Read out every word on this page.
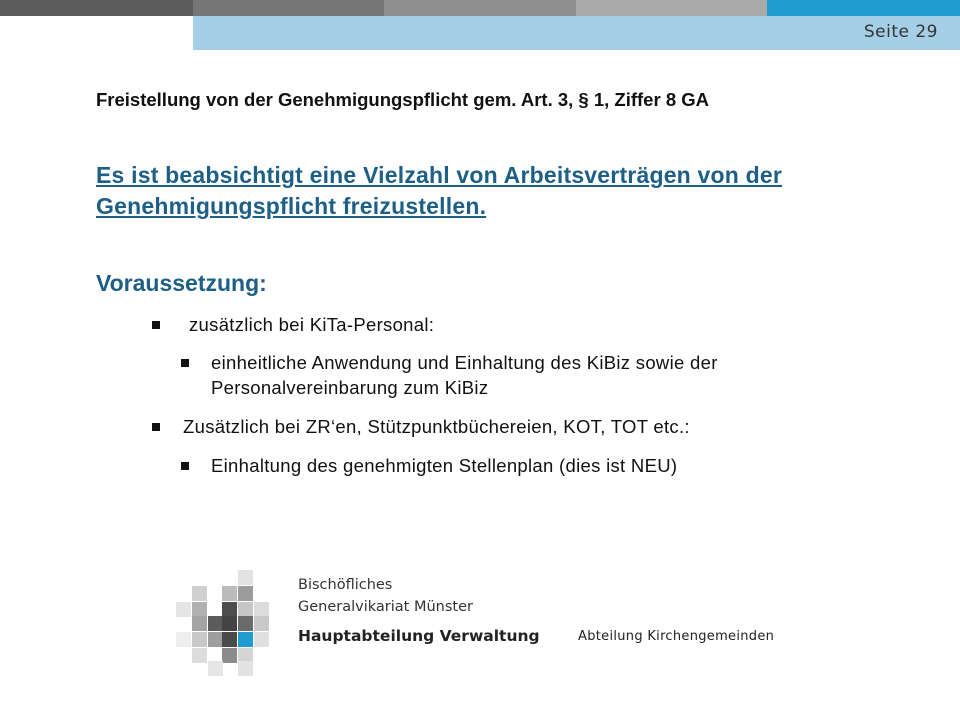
Seite 29
Freistellung von der Genehmigungspflicht gem. Art. 3, § 1, Ziffer 8 GA
Es ist beabsichtigt eine Vielzahl von Arbeitsverträgen von der Genehmigungspflicht freizustellen.
Voraussetzung:
zusätzlich bei KiTa-Personal:
einheitliche Anwendung und Einhaltung des KiBiz sowie der Personalvereinbarung zum KiBiz
Zusätzlich bei ZR‘en, Stützpunktbüchereien, KOT, TOT etc.:
Einhaltung des genehmigten Stellenplan (dies ist NEU)
Bischöfliches
Generalvikariat Münster
Hauptabteilung Verwaltung	Abteilung Kirchengemeinden
